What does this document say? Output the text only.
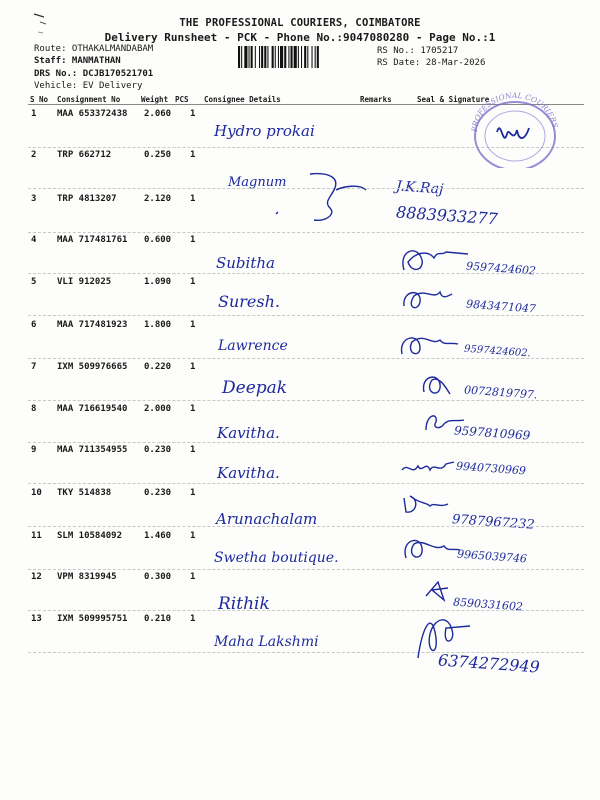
THE PROFESSIONAL COURIERS, COIMBATORE
Delivery Runsheet - PCK - Phone No.:9047080280 - Page No.:1
Route: OTHAKALMANDABAM
Staff: MANMATHAN
DRS No.: DCJB170521701
Vehicle: EV Delivery
RS No.: 1705217
RS Date: 28-Mar-2026
S No Consignment No	Weight PCS Consignee Details	Remarks	Seal & Signature
1 MAA 653372438 2.060 1
Hydro prokai
2 TRP 662712	0.250 1
Magnum	J.K.Raj
3 TRP 4813207	2.120 1
8883933277
4 MAA 717481761 0.600 1
Subitha	9597424602
5 VLI 912025	1.090 1
Suresh.	9843471047
6 MAA 717481923 1.800 1
Lawrence	9597424602.
7 IXM 509976665 0.220 1
Deepak	0072819797.
8 MAA 716619540 2.000 1
Kavitha.	9597810969
9 MAA 711354955 0.230 1
Kavitha.	9940730969
10 TKY 514838	0.230 1
Arunachalam	9787967232
11 SLM 10584092 1.460 1
Swetha boutique.	9965039746
12 VPM 8319945	0.300 1
Rithik	8590331602
13 IXM 509995751 0.210 1
Maha Lakshmi
6374272949
PROFESSIONAL COURIERS
